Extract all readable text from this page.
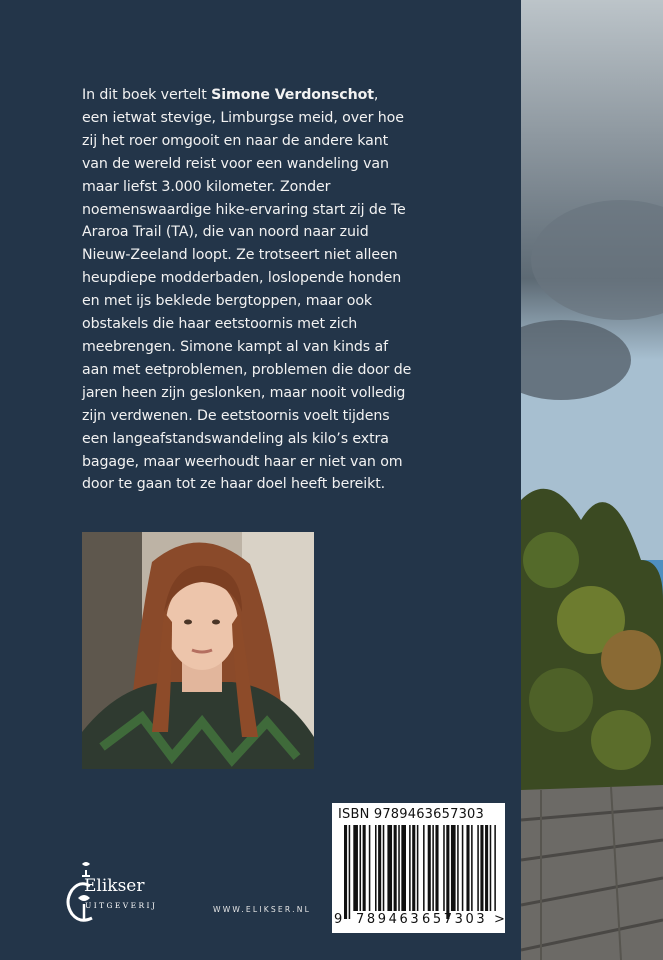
In dit boek vertelt Simone Verdonschot,
een ietwat stevige, Limburgse meid, over hoe
zij het roer omgooit en naar de andere kant
van de wereld reist voor een wandeling van
maar liefst 3.000 kilometer. Zonder
noemenswaardige hike-ervaring start zij de Te
Araroa Trail (TA), die van noord naar zuid
Nieuw-Zeeland loopt. Ze trotseert niet alleen
heupdiepe modderbaden, loslopende honden
en met ijs beklede bergtoppen, maar ook
obstakels die haar eetstoornis met zich
meebrengen. Simone kampt al van kinds af
aan met eetproblemen, problemen die door de
jaren heen zijn geslonken, maar nooit volledig
zijn verdwenen. De eetstoornis voelt tijdens
een langeafstandswandeling als kilo’s extra
bagage, maar weerhoudt haar er niet van om
door te gaan tot ze haar doel heeft bereikt.
ISBN 9789463657303
9 789463 657303 >
Elikser
UITGEVERIJ	WWW.ELIKSER.NL
